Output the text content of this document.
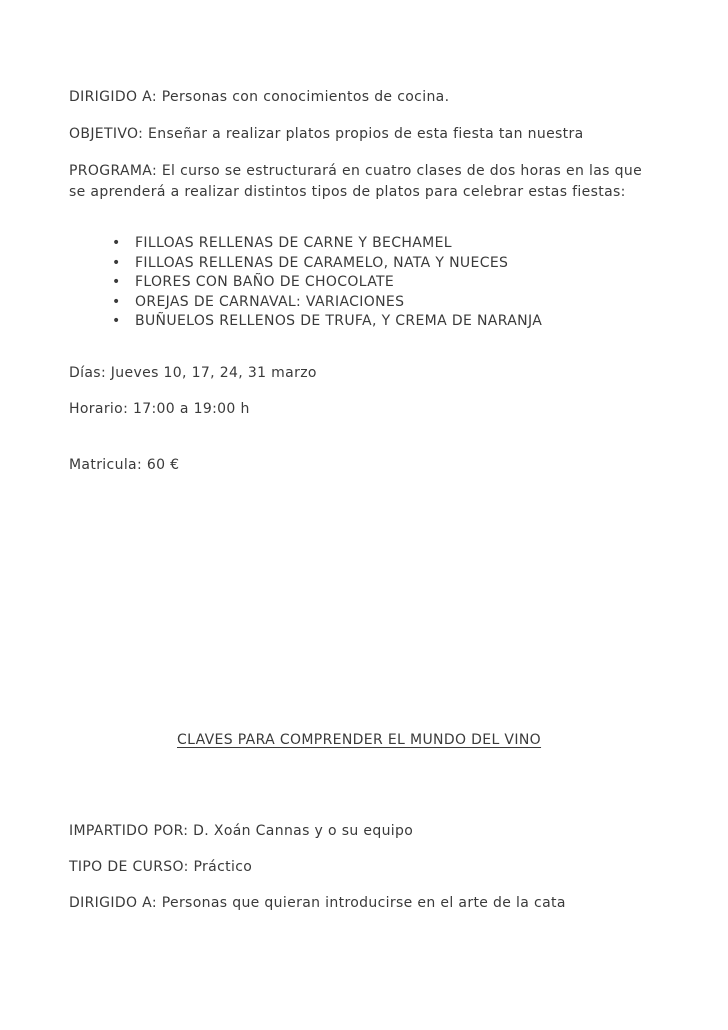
DIRIGIDO A: Personas con conocimientos de cocina.
OBJETIVO: Enseñar a realizar platos propios de esta fiesta tan nuestra
PROGRAMA: El curso se estructurará en cuatro clases de dos horas en las que
se aprenderá a realizar distintos tipos de platos para celebrar estas fiestas:
• FILLOAS RELLENAS DE CARNE Y BECHAMEL
• FILLOAS RELLENAS DE CARAMELO, NATA Y NUECES
• FLORES CON BAÑO DE CHOCOLATE
• OREJAS DE CARNAVAL: VARIACIONES
• BUÑUELOS RELLENOS DE TRUFA, Y CREMA DE NARANJA
Días: Jueves 10, 17, 24, 31 marzo
Horario: 17:00 a 19:00 h
Matricula: 60 €
CLAVES PARA COMPRENDER EL MUNDO DEL VINO
IMPARTIDO POR: D. Xoán Cannas y o su equipo
TIPO DE CURSO: Práctico
DIRIGIDO A: Personas que quieran introducirse en el arte de la cata
